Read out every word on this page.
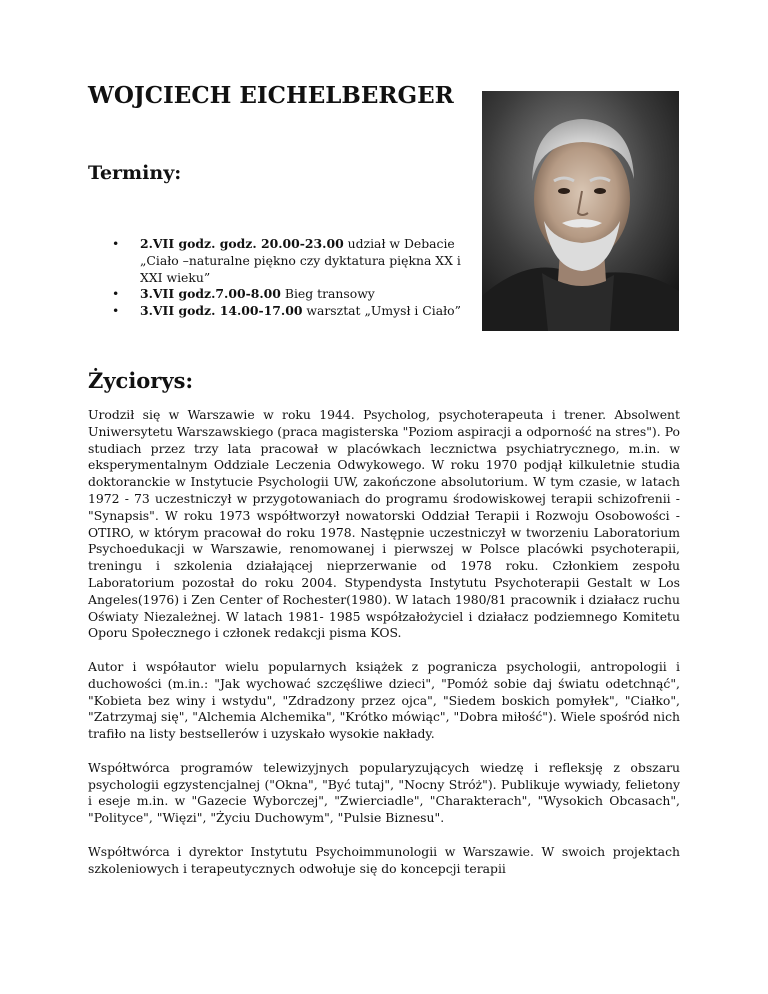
WOJCIECH EICHELBERGER
Terminy:
• 2.VII godz. godz. 20.00-23.00 udział w Debacie „Ciało –naturalne piękno czy dyktatura piękna XX i XXI wieku”
• 3.VII godz.7.00-8.00 Bieg transowy
• 3.VII godz. 14.00-17.00 warsztat „Umysł i Ciało”
Życiorys:

Urodził się w Warszawie w roku 1944. Psycholog, psychoterapeuta i trener. Absolwent Uniwersytetu Warszawskiego (praca magisterska "Poziom aspiracji a odporność na stres"). Po studiach przez trzy lata pracował w placówkach lecznictwa psychiatrycznego, m.in. w eksperymentalnym Oddziale Leczenia Odwykowego. W roku 1970 podjął kilkuletnie studia doktoranckie w Instytucie Psychologii UW, zakończone absolutorium. W tym czasie, w latach 1972 - 73 uczestniczył w przygotowaniach do programu środowiskowej terapii schizofrenii - "Synapsis". W roku 1973 współtworzył nowatorski Oddział Terapii i Rozwoju Osobowości - OTIRO, w którym pracował do roku 1978. Następnie uczestniczył w tworzeniu Laboratorium Psychoedukacji w Warszawie, renomowanej i pierwszej w Polsce placówki psychoterapii, treningu i szkolenia działającej nieprzerwanie od 1978 roku. Członkiem zespołu Laboratorium pozostał do roku 2004. Stypendysta Instytutu Psychoterapii Gestalt w Los Angeles(1976) i Zen Center of Rochester(1980). W latach 1980/81 pracownik i działacz ruchu Oświaty Niezależnej. W latach 1981- 1985 współzałożyciel i działacz podziemnego Komitetu Oporu Społecznego i członek redakcji pisma KOS.

Autor i współautor wielu popularnych książek z pogranicza psychologii, antropologii i duchowości (m.in.: "Jak wychować szczęśliwe dzieci", "Pomóż sobie daj światu odetchnąć", "Kobieta bez winy i wstydu", "Zdradzony przez ojca", "Siedem boskich pomyłek", "Ciałko", "Zatrzymaj się", "Alchemia Alchemika", "Krótko mówiąc", "Dobra miłość"). Wiele spośród nich trafiło na listy bestsellerów i uzyskało wysokie nakłady.

Współtwórca programów telewizyjnych popularyzujących wiedzę i refleksję z obszaru psychologii egzystencjalnej ("Okna", "Być tutaj", "Nocny Stróż"). Publikuje wywiady, felietony i eseje m.in. w "Gazecie Wyborczej", "Zwierciadle", "Charakterach", "Wysokich Obcasach", "Polityce", "Więzi", "Życiu Duchowym", "Pulsie Biznesu".

Współtwórca i dyrektor Instytutu Psychoimmunologii w Warszawie. W swoich projektach szkoleniowych i terapeutycznych odwołuje się do koncepcji terapii
